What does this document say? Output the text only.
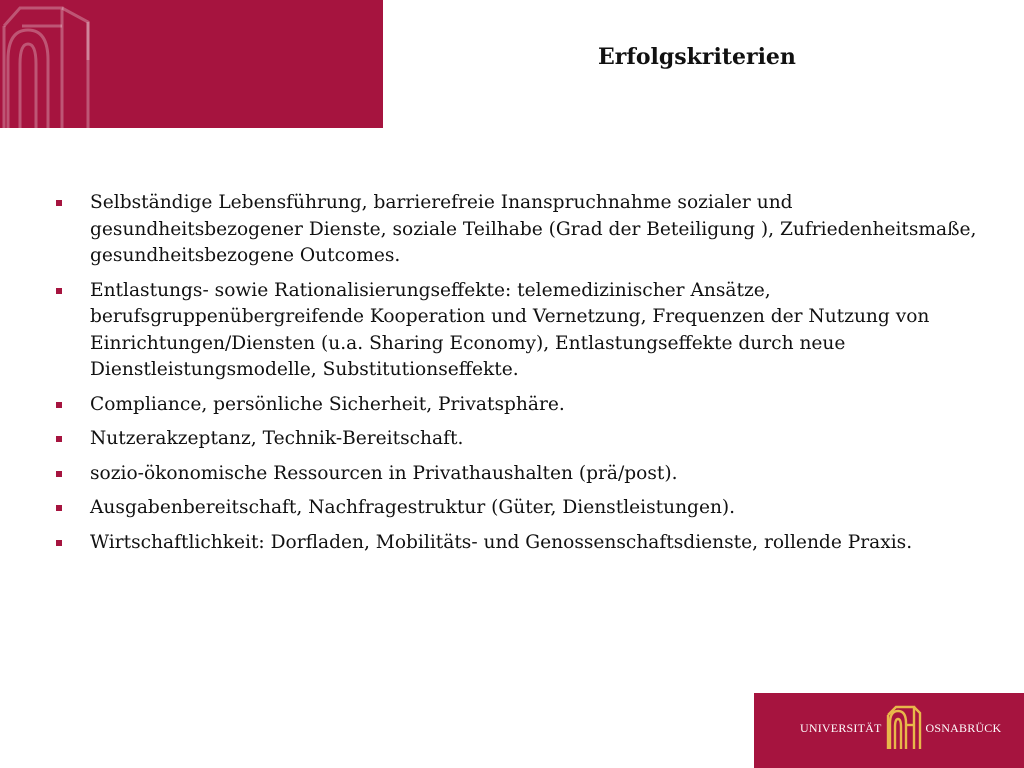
Erfolgskriterien
Selbständige Lebensführung, barrierefreie Inanspruchnahme sozialer und gesundheitsbezogener Dienste, soziale Teilhabe (Grad der Beteiligung ), Zufriedenheitsmaße, gesundheitsbezogene Outcomes.
Entlastungs- sowie Rationalisierungseffekte: telemedizinischer Ansätze, berufsgruppenübergreifende Kooperation und Vernetzung, Frequenzen der Nutzung von Einrichtungen/Diensten (u.a. Sharing Economy), Entlastungseffekte durch neue Dienstleistungsmodelle, Substitutionseffekte.
Compliance, persönliche Sicherheit, Privatsphäre.
Nutzerakzeptanz, Technik-Bereitschaft.
sozio-ökonomische Ressourcen in Privathaushalten (prä/post).
Ausgabenbereitschaft, Nachfragestruktur (Güter, Dienstleistungen).
Wirtschaftlichkeit: Dorfladen, Mobilitäts- und Genossenschaftsdienste, rollende Praxis.
UNIVERSITÄT	OSNABRÜCK
